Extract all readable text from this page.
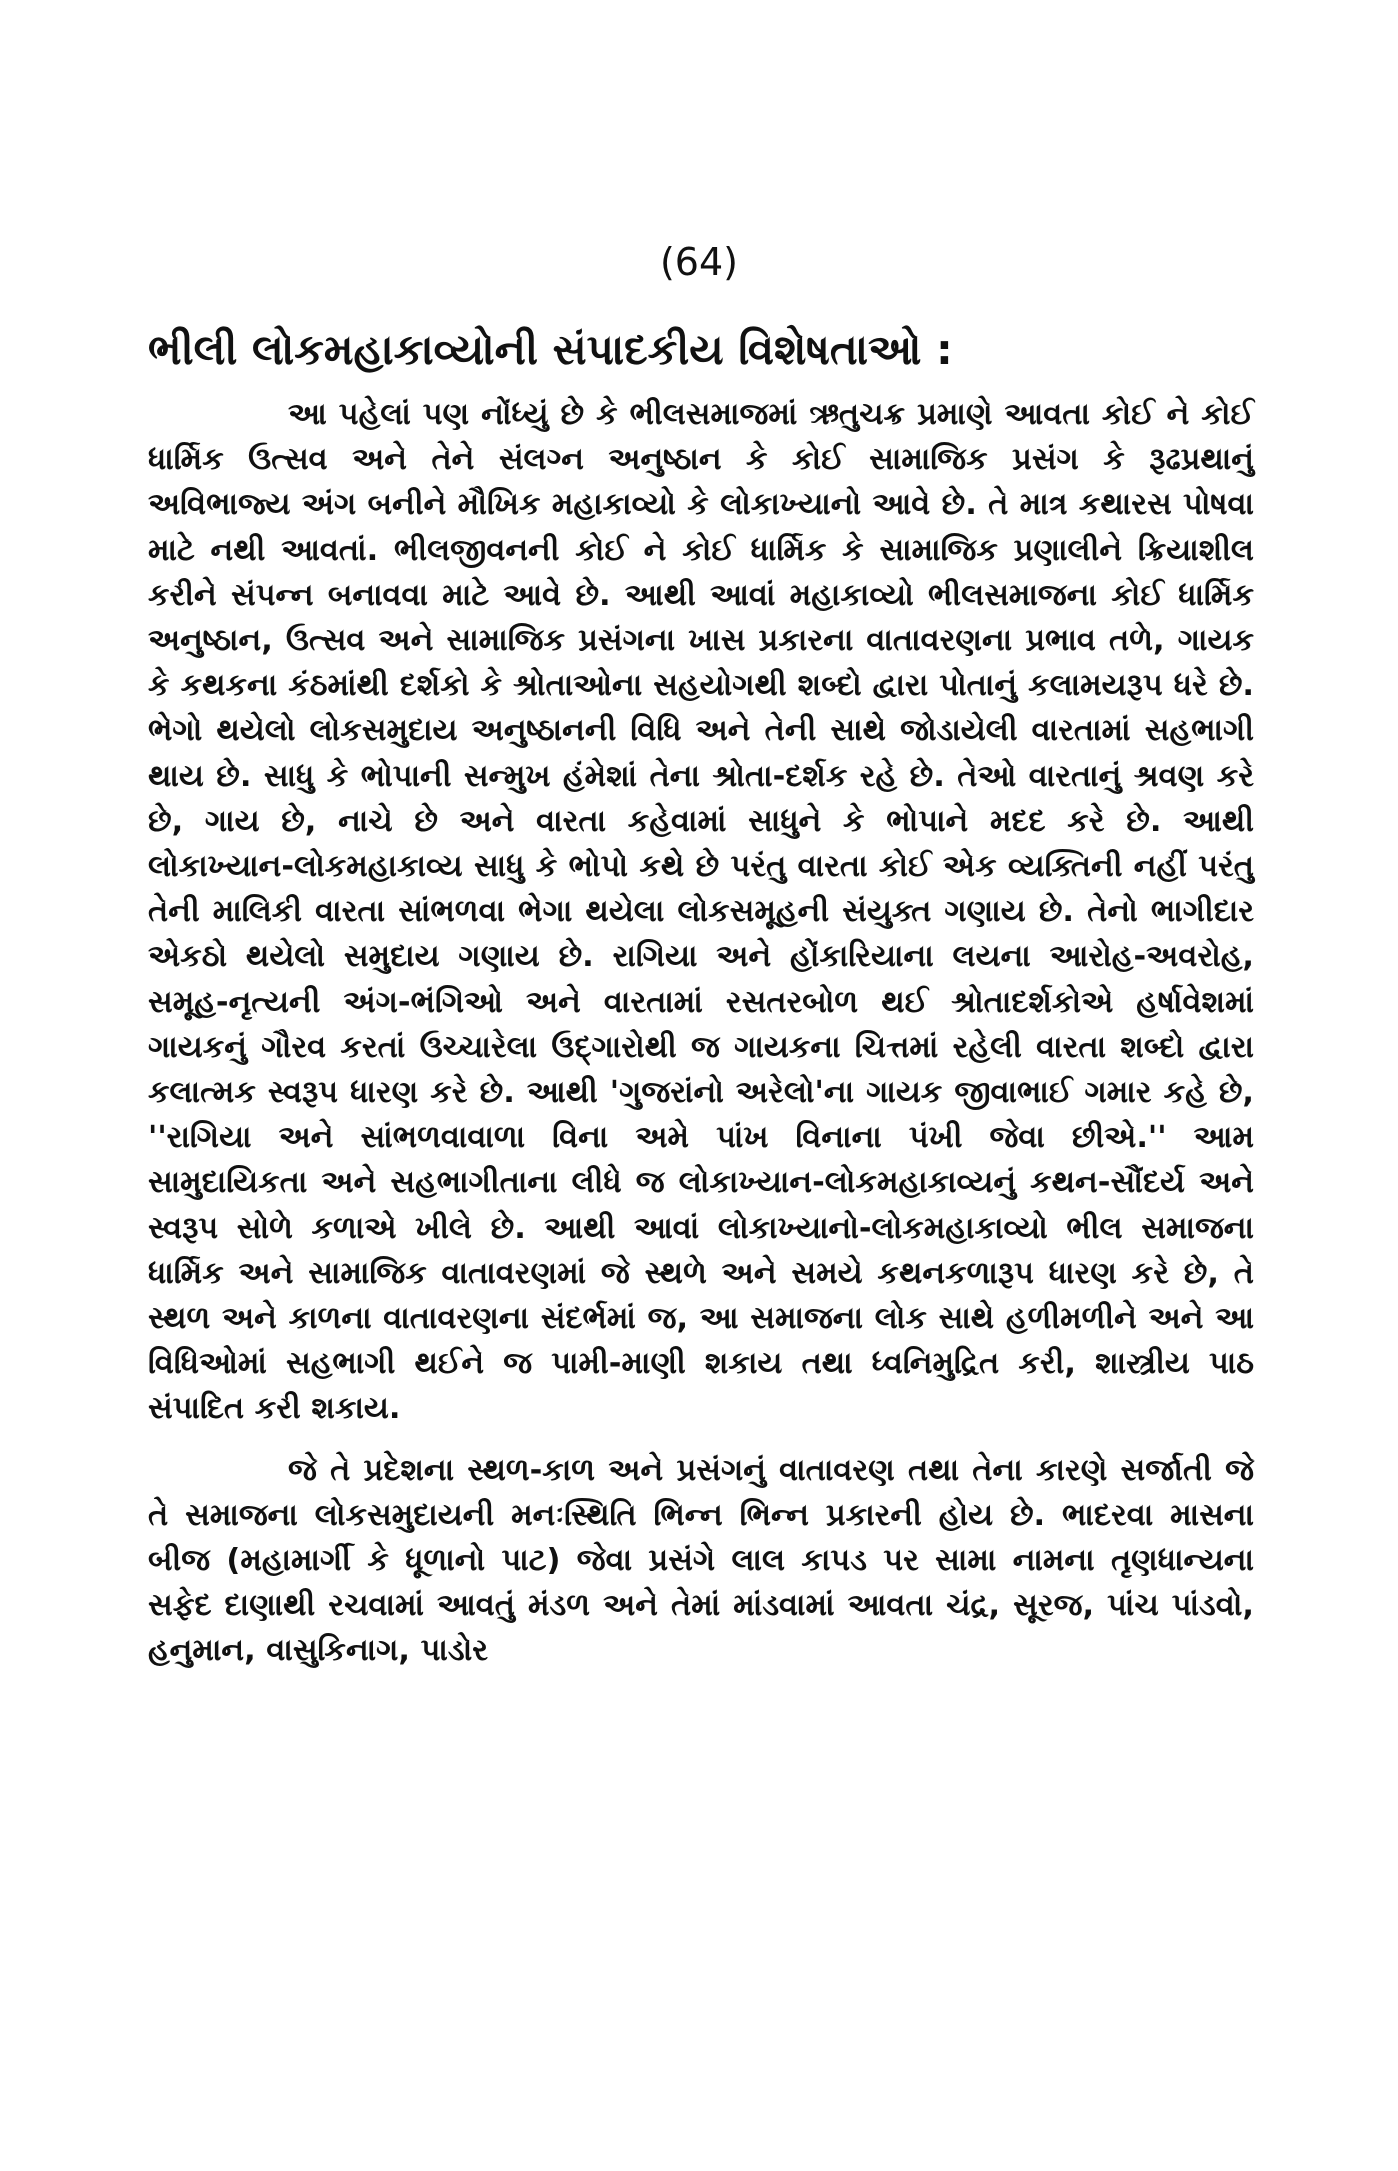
(64)
ભીલી લોકમહાકાવ્યોની સંપાદકીય વિશેષતાઓ :

આ પહેલાં પણ નોંધ્યું છે કે ભીલસમાજમાં ઋતુચક્ર પ્રમાણે આવતા કોઈ ને કોઈ ધાર્મિક ઉત્સવ અને તેને સંલગ્ન અનુષ્ઠાન કે કોઈ સામાજિક પ્રસંગ કે રૂઢપ્રથાનું અવિભાજ્ય અંગ બનીને મૌખિક મહાકાવ્યો કે લોકાખ્યાનો આવે છે. તે માત્ર કથારસ પોષવા માટે નથી આવતાં. ભીલજીવનની કોઈ ને કોઈ ધાર્મિક કે સામાજિક પ્રણાલીને ક્રિયાશીલ કરીને સંપન્ન બનાવવા માટે આવે છે. આથી આવાં મહાકાવ્યો ભીલસમાજના કોઈ ધાર્મિક અનુષ્ઠાન, ઉત્સવ અને સામાજિક પ્રસંગના ખાસ પ્રકારના વાતાવરણના પ્રભાવ તળે, ગાયક કે કથકના કંઠમાંથી દર્શકો કે શ્રોતાઓના સહયોગથી શબ્દો દ્વારા પોતાનું કલામયરૂપ ધરે છે. ભેગો થયેલો લોકસમુદાય અનુષ્ઠાનની વિધિ અને તેની સાથે જોડાયેલી વારતામાં સહભાગી થાય છે. સાધુ કે ભોપાની સન્મુખ હંમેશાં તેના શ્રોતા-દર્શક રહે છે. તેઓ વારતાનું શ્રવણ કરે છે, ગાય છે, નાચે છે અને વારતા કહેવામાં સાધુને કે ભોપાને મદદ કરે છે. આથી લોકાખ્યાન-લોકમહાકાવ્ય સાધુ કે ભોપો કથે છે પરંતુ વારતા કોઈ એક વ્યક્તિની નહીં પરંતુ તેની માલિકી વારતા સાંભળવા ભેગા થયેલા લોકસમૂહની સંયુક્ત ગણાય છે. તેનો ભાગીદાર એકઠો થયેલો સમુદાય ગણાય છે. રાગિયા અને હોંકારિયાના લયના આરોહ-અવરોહ, સમૂહ-નૃત્યની અંગ-ભંગિઓ અને વારતામાં રસતરબોળ થઈ શ્રોતાદર્શકોએ હર્ષાવેશમાં ગાયકનું ગૌરવ કરતાં ઉચ્ચારેલા ઉદ્ગારોથી જ ગાયકના ચિત્તમાં રહેલી વારતા શબ્દો દ્વારા કલાત્મક સ્વરૂપ ધારણ કરે છે. આથી 'ગુજરાંનો અરેલો'ના ગાયક જીવાભાઈ ગમાર કહે છે, ''રાગિયા અને સાંભળવાવાળા વિના અમે પાંખ વિનાના પંખી જેવા છીએ.'' આમ સામુદાયિકતા અને સહભાગીતાના લીધે જ લોકાખ્યાન-લોકમહાકાવ્યનું કથન-સૌંદર્ય અને સ્વરૂપ સોળે કળાએ ખીલે છે. આથી આવાં લોકાખ્યાનો-લોકમહાકાવ્યો ભીલ સમાજના ધાર્મિક અને સામાજિક વાતાવરણમાં જે સ્થળે અને સમયે કથનકળારૂપ ધારણ કરે છે, તે સ્થળ અને કાળના વાતાવરણના સંદર્ભમાં જ, આ સમાજના લોક સાથે હળીમળીને અને આ વિધિઓમાં સહભાગી થઈને જ પામી-માણી શકાય તથા ધ્વનિમુદ્રિત કરી, શાસ્ત્રીય પાઠ સંપાદિત કરી શકાય.

જે તે પ્રદેશના સ્થળ-કાળ અને પ્રસંગનું વાતાવરણ તથા તેના કારણે સર્જાતી જે તે સમાજના લોકસમુદાયની મનઃસ્થિતિ ભિન્ન ભિન્ન પ્રકારની હોય છે. ભાદરવા માસના બીજ (મહામાર્ગી કે ધૂળાનો પાટ) જેવા પ્રસંગે લાલ કાપડ પર સામા નામના તૃણધાન્યના સફેદ દાણાથી રચવામાં આવતું મંડળ અને તેમાં માંડવામાં આવતા ચંદ્ર, સૂરજ, પાંચ પાંડવો, હનુમાન, વાસુકિનાગ, પાડોર
